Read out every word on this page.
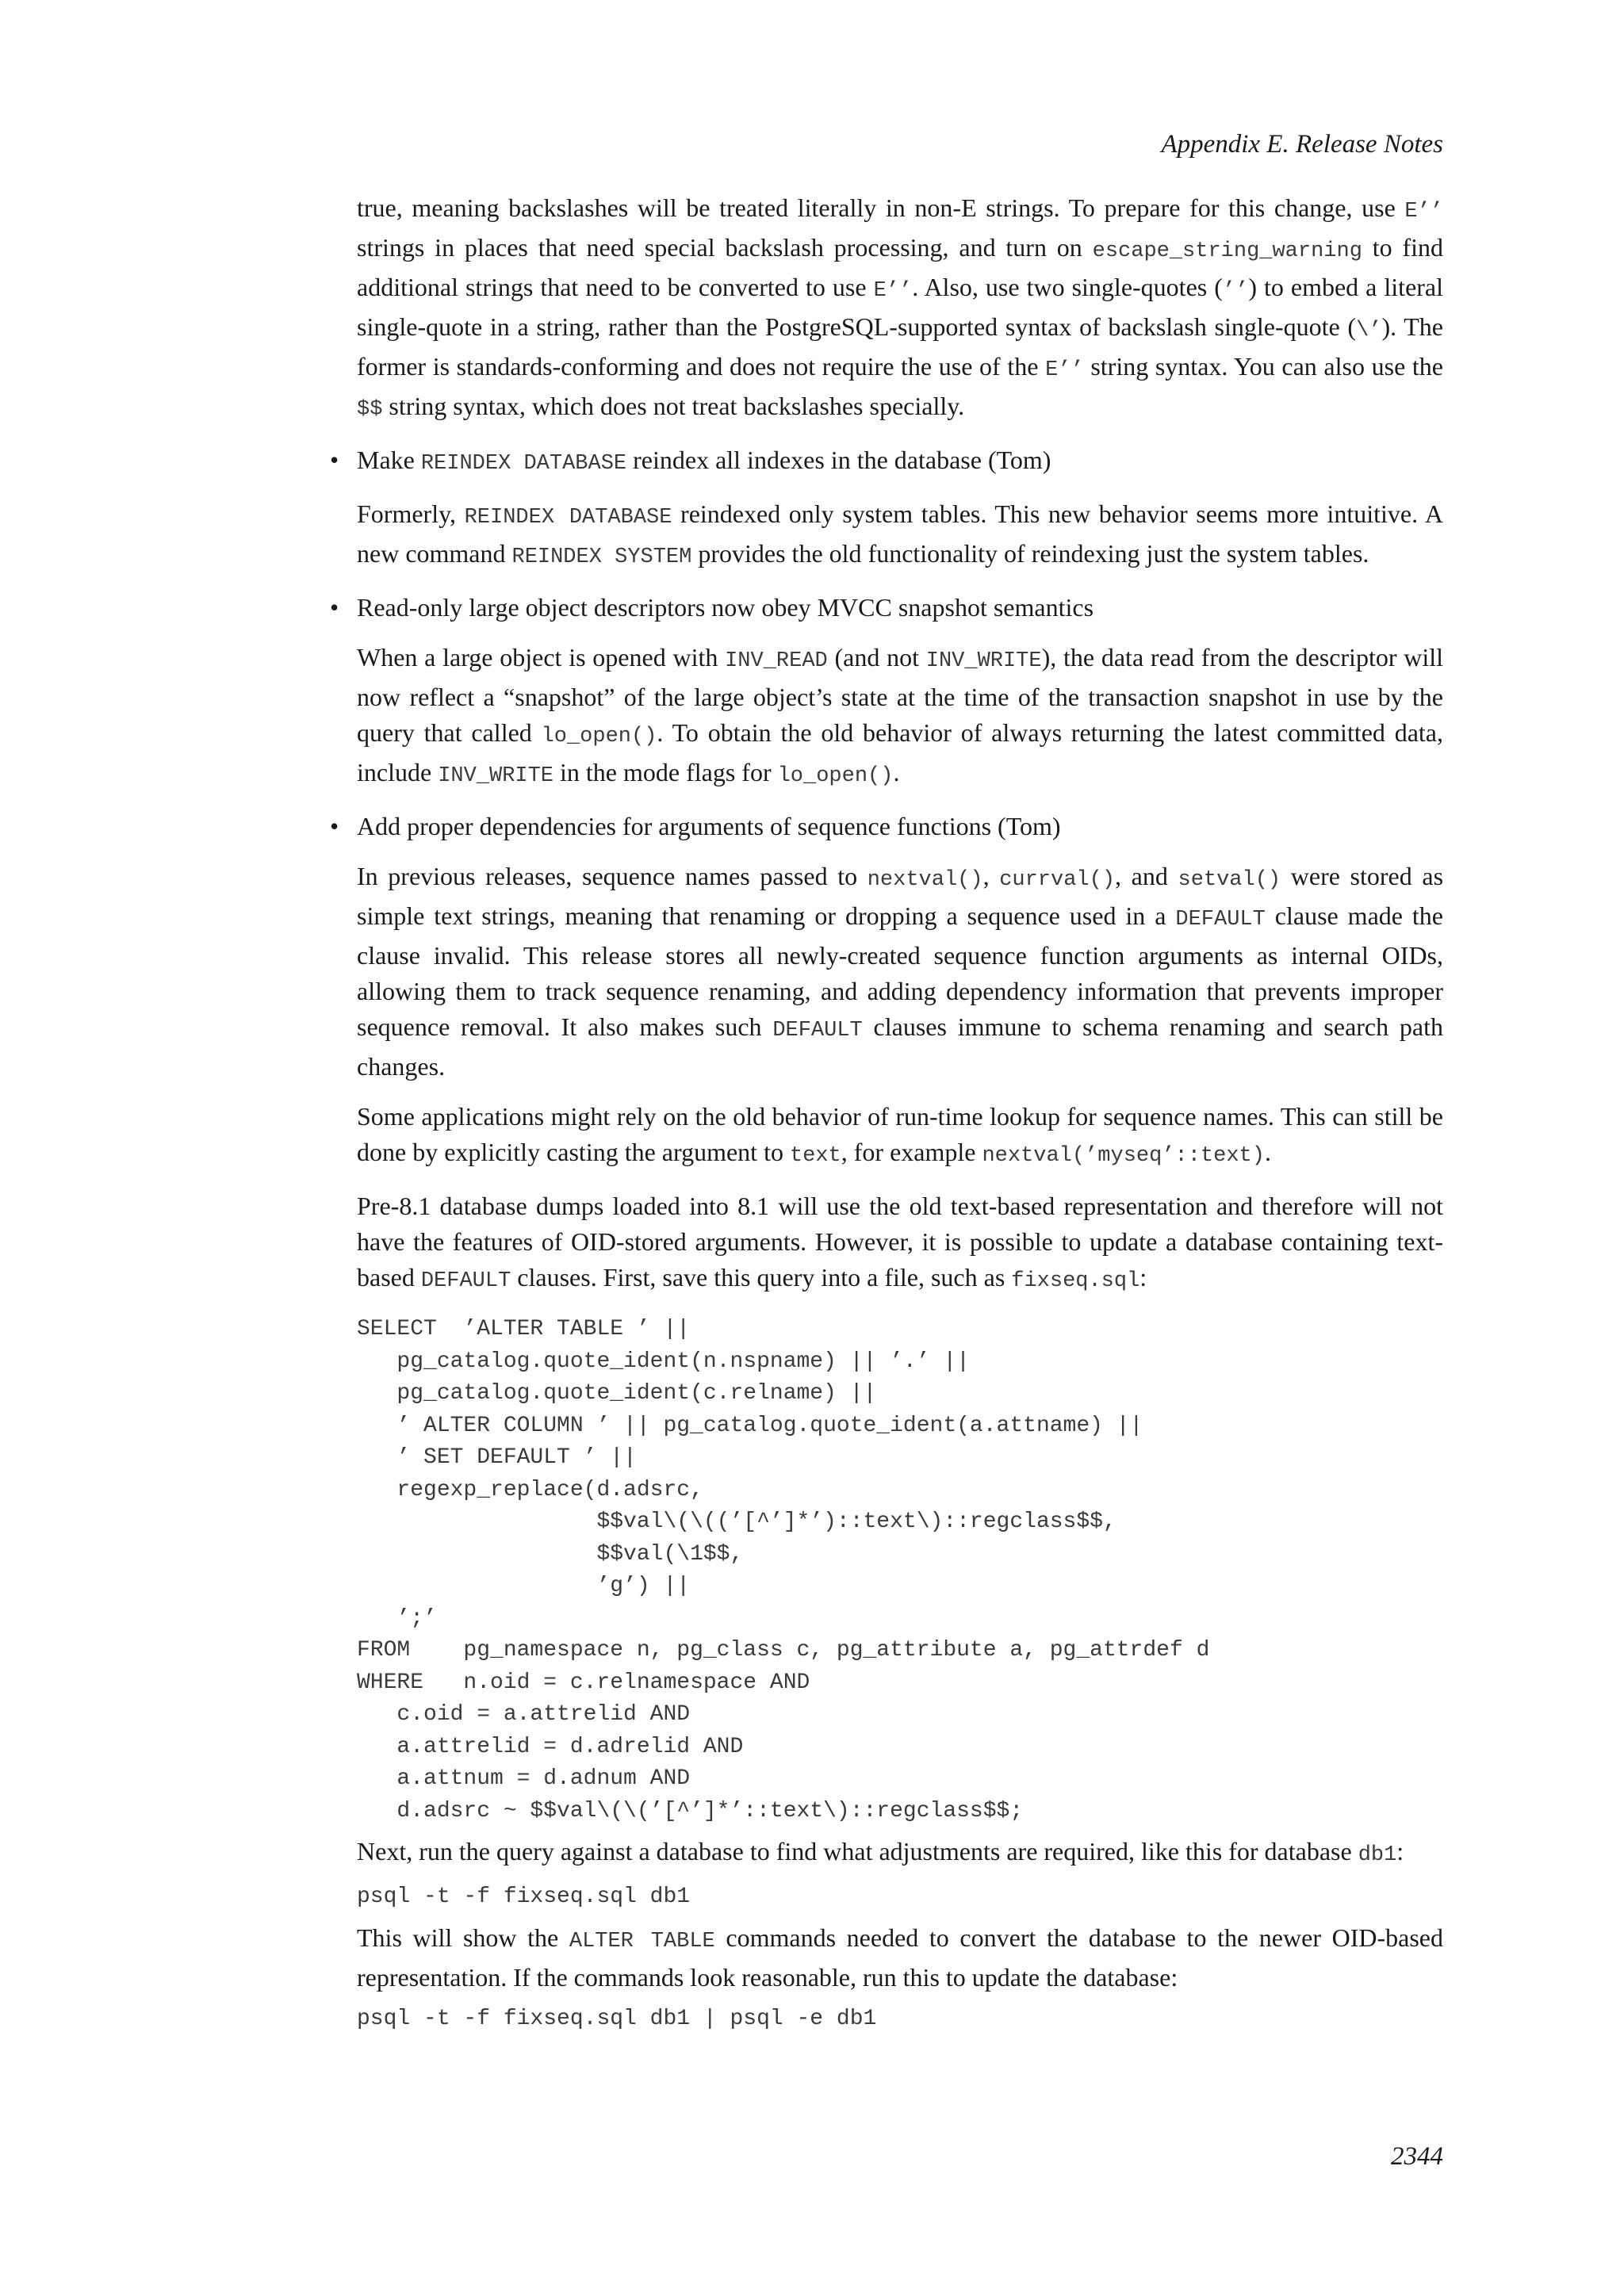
Appendix E. Release Notes

true, meaning backslashes will be treated literally in non-E strings. To prepare for this change, use E’’ strings in places that need special backslash processing, and turn on escape_string_warning to find additional strings that need to be converted to use E’’. Also, use two single-quotes (’’) to embed a literal single-quote in a string, rather than the PostgreSQL-supported syntax of backslash single-quote (\’). The former is standards-conforming and does not require the use of the E’’ string syntax. You can also use the $$ string syntax, which does not treat backslashes specially.

• Make REINDEX DATABASE reindex all indexes in the database (Tom)

Formerly, REINDEX DATABASE reindexed only system tables. This new behavior seems more intuitive. A new command REINDEX SYSTEM provides the old functionality of reindexing just the system tables.

• Read-only large object descriptors now obey MVCC snapshot semantics

When a large object is opened with INV_READ (and not INV_WRITE), the data read from the descriptor will now reflect a “snapshot” of the large object’s state at the time of the transaction snapshot in use by the query that called lo_open(). To obtain the old behavior of always returning the latest committed data, include INV_WRITE in the mode flags for lo_open().

• Add proper dependencies for arguments of sequence functions (Tom)

In previous releases, sequence names passed to nextval(), currval(), and setval() were stored as simple text strings, meaning that renaming or dropping a sequence used in a DEFAULT clause made the clause invalid. This release stores all newly-created sequence function arguments as internal OIDs, allowing them to track sequence renaming, and adding dependency information that prevents improper sequence removal. It also makes such DEFAULT clauses immune to schema renaming and search path changes.

Some applications might rely on the old behavior of run-time lookup for sequence names. This can still be done by explicitly casting the argument to text, for example nextval(’myseq’::text).

Pre-8.1 database dumps loaded into 8.1 will use the old text-based representation and therefore will not have the features of OID-stored arguments. However, it is possible to update a database containing text-based DEFAULT clauses. First, save this query into a file, such as fixseq.sql:

SELECT  ’ALTER TABLE ’ ||
pg_catalog.quote_ident(n.nspname) || ’.’ ||
pg_catalog.quote_ident(c.relname) ||
’ ALTER COLUMN ’ || pg_catalog.quote_ident(a.attname) ||
’ SET DEFAULT ’ ||
regexp_replace(d.adsrc,
$$val\(\((’[^’]*’)::text\)::regclass$$,
$$val(\1$$,
’g’) ||
’;’
FROM    pg_namespace n, pg_class c, pg_attribute a, pg_attrdef d
WHERE   n.oid = c.relnamespace AND
c.oid = a.attrelid AND
a.attrelid = d.adrelid AND
a.attnum = d.adnum AND
d.adsrc ~ $$val\(\(’[^’]*’::text\)::regclass$$;

Next, run the query against a database to find what adjustments are required, like this for database db1:

psql -t -f fixseq.sql db1

This will show the ALTER TABLE commands needed to convert the database to the newer OID-based representation. If the commands look reasonable, run this to update the database:

psql -t -f fixseq.sql db1 | psql -e db1
2344
